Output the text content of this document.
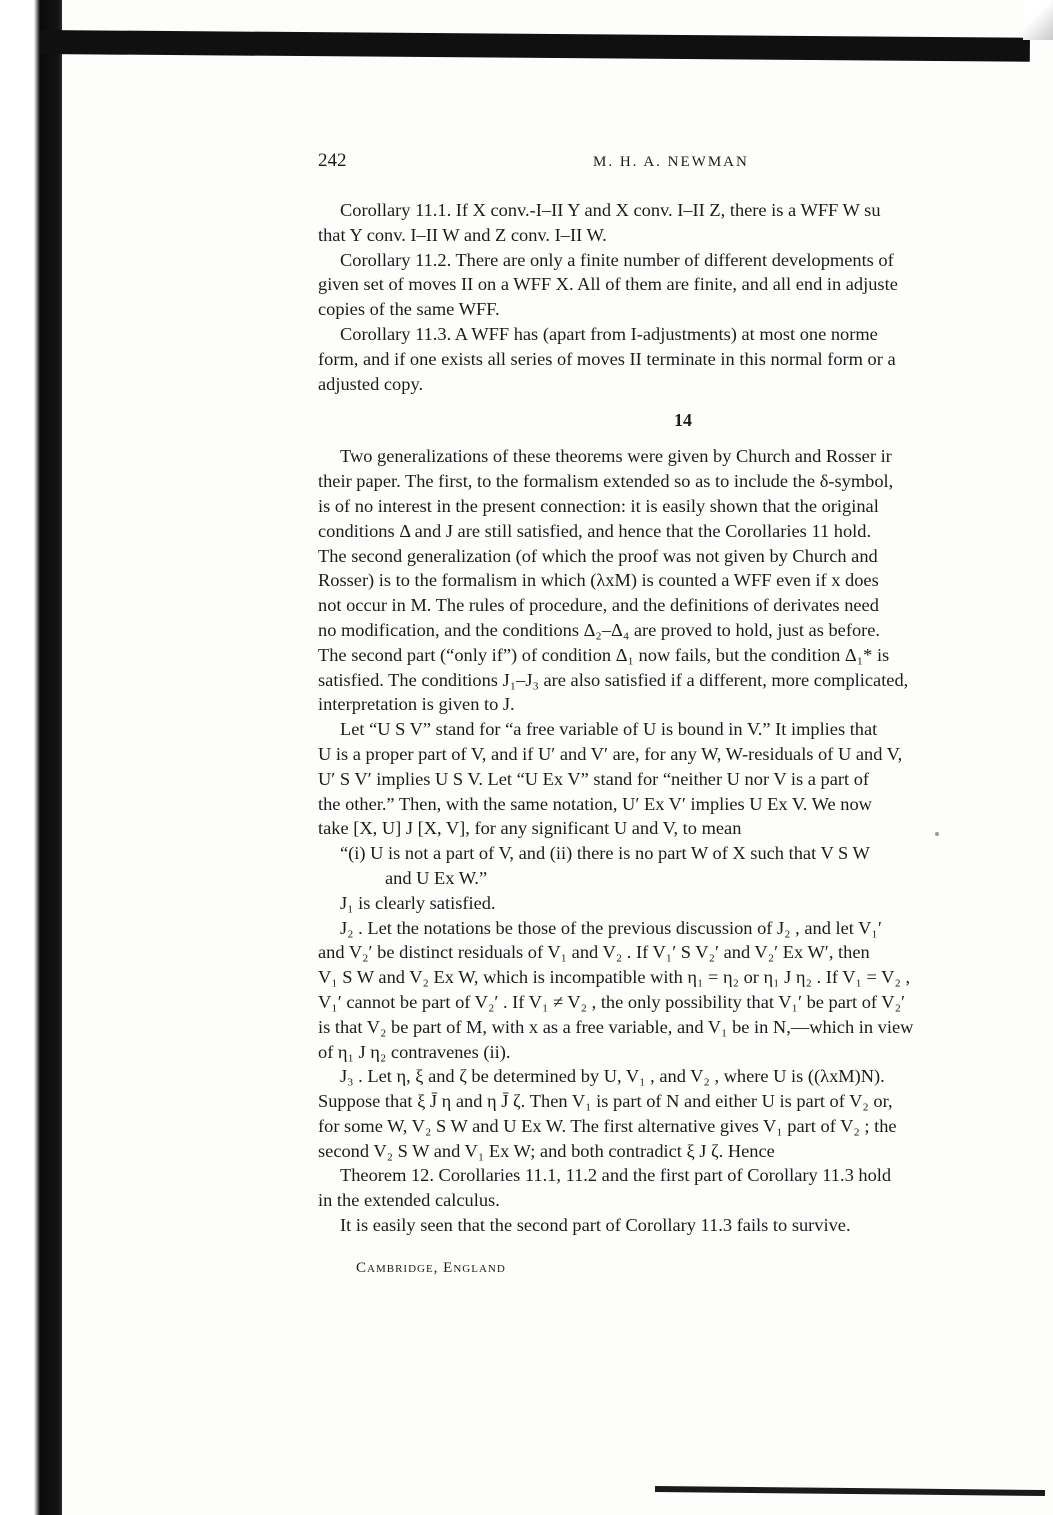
242	M. H. A. NEWMAN
Corollary 11.1. If X conv.-I–II Y and X conv. I–II Z, there is a WFF W su
that Y conv. I–II W and Z conv. I–II W.
Corollary 11.2. There are only a finite number of different developments of
given set of moves II on a WFF X. All of them are finite, and all end in adjuste
copies of the same WFF.
Corollary 11.3. A WFF has (apart from I-adjustments) at most one norme
form, and if one exists all series of moves II terminate in this normal form or a
adjusted copy.
14
Two generalizations of these theorems were given by Church and Rosser ir
their paper. The first, to the formalism extended so as to include the δ-symbol,
is of no interest in the present connection: it is easily shown that the original
conditions Δ and J are still satisfied, and hence that the Corollaries 11 hold.
The second generalization (of which the proof was not given by Church and
Rosser) is to the formalism in which (λxM) is counted a WFF even if x does
not occur in M. The rules of procedure, and the definitions of derivates need
no modification, and the conditions Δ₂–Δ₄ are proved to hold, just as before.
The second part (“only if”) of condition Δ₁ now fails, but the condition Δ₁* is
satisfied. The conditions J₁–J₃ are also satisfied if a different, more complicated,
interpretation is given to J.
Let “U S V” stand for “a free variable of U is bound in V.” It implies that
U is a proper part of V, and if U′ and V′ are, for any W, W-residuals of U and V,
U′ S V′ implies U S V. Let “U Ex V” stand for “neither U nor V is a part of
the other.” Then, with the same notation, U′ Ex V′ implies U Ex V. We now
take [X, U] J [X, V], for any significant U and V, to mean
“(i) U is not a part of V, and (ii) there is no part W of X such that V S W
and U Ex W.”
J₁ is clearly satisfied.
J₂ . Let the notations be those of the previous discussion of J₂ , and let V₁′
and V₂′ be distinct residuals of V₁ and V₂ . If V₁′ S V₂′ and V₂′ Ex W′, then
V₁ S W and V₂ Ex W, which is incompatible with η₁ = η₂ or η₁ J η₂ . If V₁ = V₂ ,
V₁′ cannot be part of V₂′ . If V₁ ≠ V₂ , the only possibility that V₁′ be part of V₂′
is that V₂ be part of M, with x as a free variable, and V₁ be in N,—which in view
of η₁ J η₂ contravenes (ii).
J₃ . Let η, ξ and ζ be determined by U, V₁ , and V₂ , where U is ((λxM)N).
Suppose that ξ J̄ η and η J̄ ζ. Then V₁ is part of N and either U is part of V₂ or,
for some W, V₂ S W and U Ex W. The first alternative gives V₁ part of V₂ ; the
second V₂ S W and V₁ Ex W; and both contradict ξ J ζ. Hence
Theorem 12. Corollaries 11.1, 11.2 and the first part of Corollary 11.3 hold
in the extended calculus.
It is easily seen that the second part of Corollary 11.3 fails to survive.
Cambridge, England
